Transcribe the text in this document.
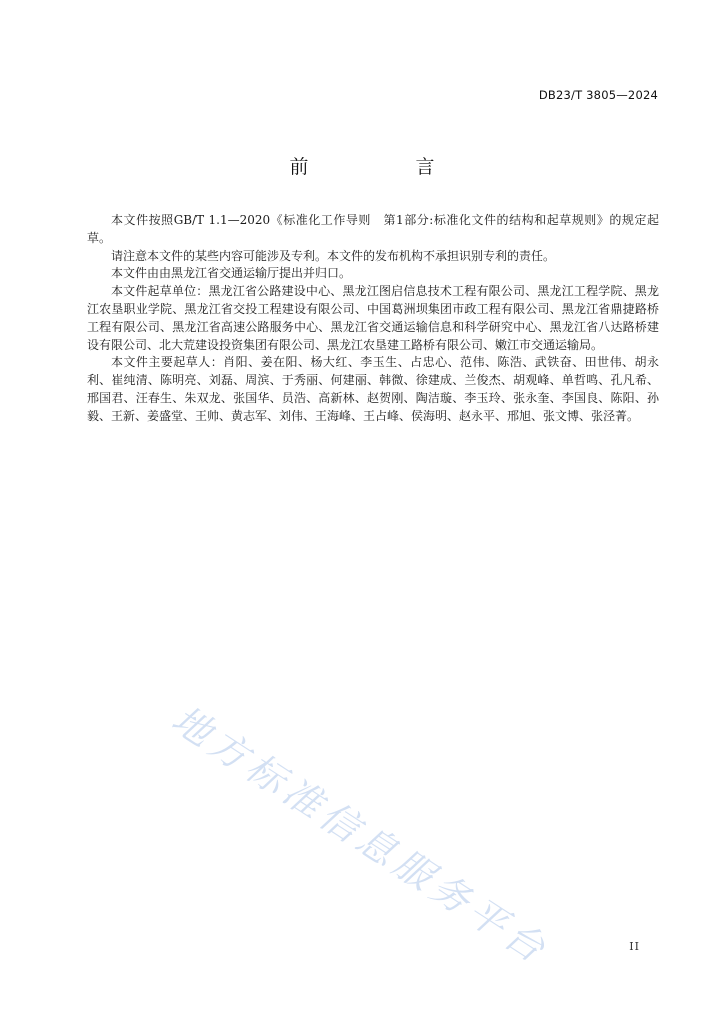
DB23/T 3805—2024
前　言

本文件按照GB/T 1.1—2020《标准化工作导则　第1部分:标准化文件的结构和起草规则》的规定起草。

请注意本文件的某些内容可能涉及专利。本文件的发布机构不承担识别专利的责任。

本文件由由黑龙江省交通运输厅提出并归口。

本文件起草单位：黑龙江省公路建设中心、黑龙江图启信息技术工程有限公司、黑龙江工程学院、黑龙江农垦职业学院、黑龙江省交投工程建设有限公司、中国葛洲坝集团市政工程有限公司、黑龙江省鼎捷路桥工程有限公司、黑龙江省高速公路服务中心、黑龙江省交通运输信息和科学研究中心、黑龙江省八达路桥建设有限公司、北大荒建设投资集团有限公司、黑龙江农垦建工路桥有限公司、嫩江市交通运输局。

本文件主要起草人：肖阳、姜在阳、杨大红、李玉生、占忠心、范伟、陈浩、武铁奋、田世伟、胡永利、崔纯清、陈明亮、刘磊、周滨、于秀丽、何建丽、韩微、徐建成、兰俊杰、胡观峰、单哲鸣、孔凡希、邢国君、汪春生、朱双龙、张国华、员浩、高新林、赵贺刚、陶洁璇、李玉玲、张永奎、李国良、陈阳、孙毅、王新、姜盛堂、王帅、黄志军、刘伟、王海峰、王占峰、侯海明、赵永平、邢旭、张文博、张泾菁。

地方标准信息服务平台	II
